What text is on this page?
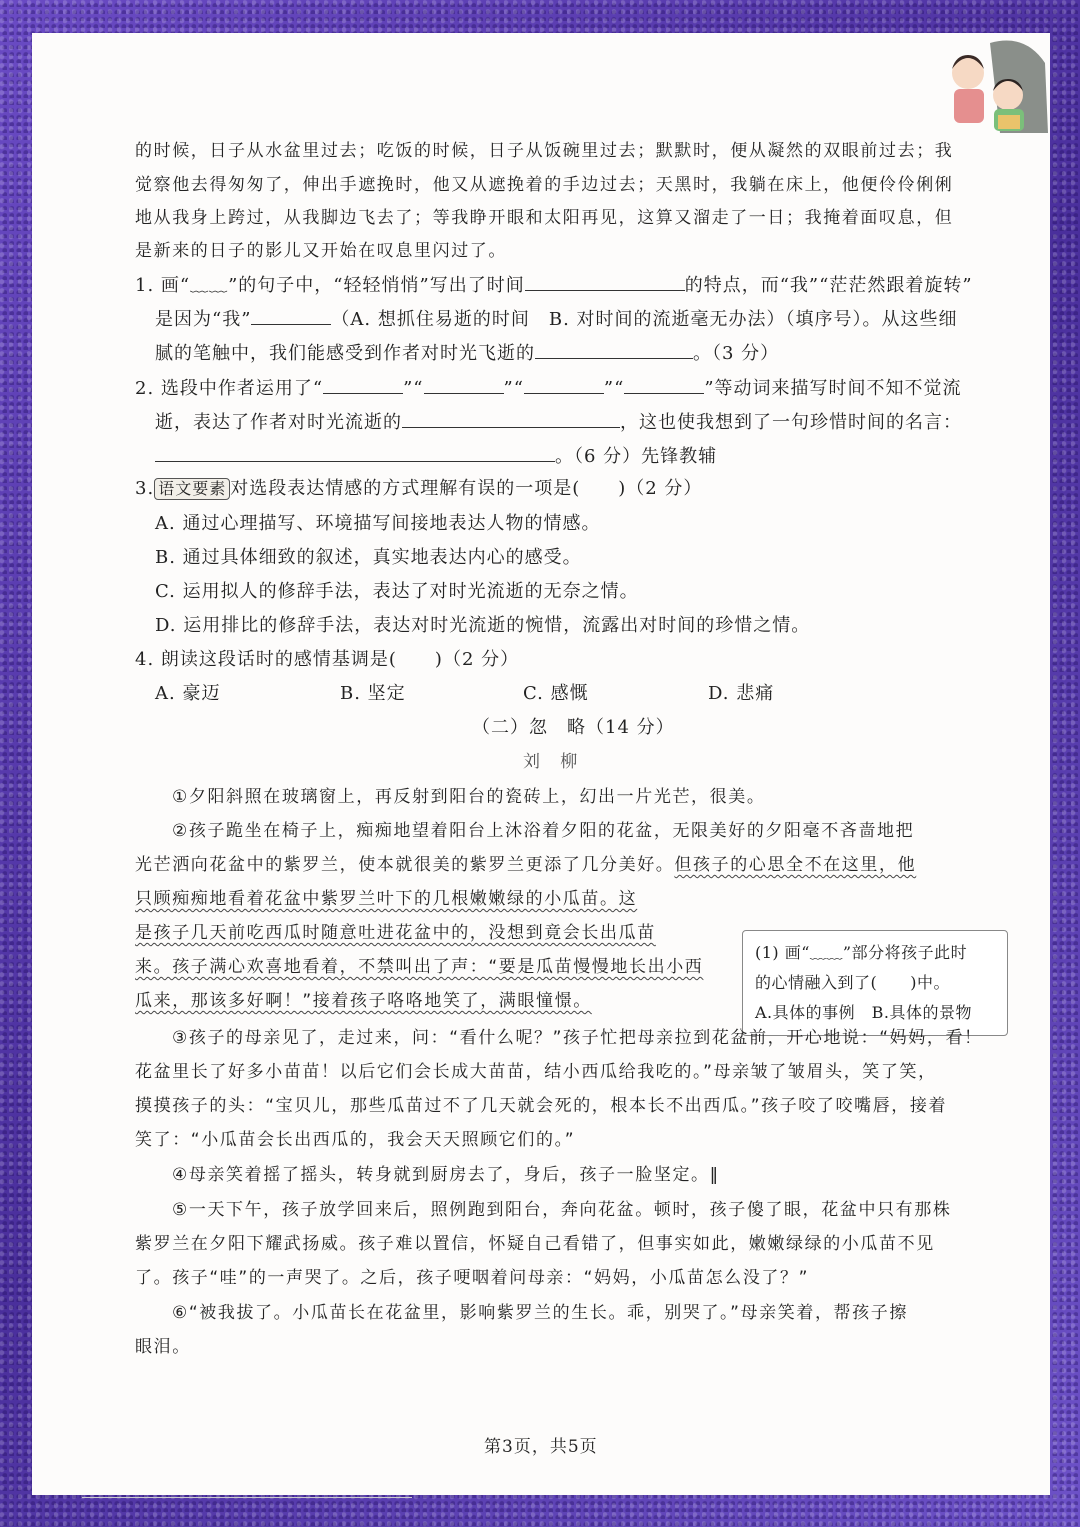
的时候，日子从水盆里过去；吃饭的时候，日子从饭碗里过去；默默时，便从凝然的双眼前过去；我
觉察他去得匆匆了，伸出手遮挽时，他又从遮挽着的手边过去；天黑时，我躺在床上，他便伶伶俐俐
地从我身上跨过，从我脚边飞去了；等我睁开眼和太阳再见，这算又溜走了一日；我掩着面叹息，但
是新来的日子的影儿又开始在叹息里闪过了。
1. 画“﹏﹏”的句子中，“轻轻悄悄”写出了时间	的特点，而“我”“茫茫然跟着旋转”
是因为“我”	（A. 想抓住易逝的时间　B. 对时间的流逝毫无办法）（填序号）。从这些细
腻的笔触中，我们能感受到作者对时光飞逝的	。（3 分）
2. 选段中作者运用了“	”“	”“	”“	”等动词来描写时间不知不觉流
逝，表达了作者对时光流逝的	，这也使我想到了一句珍惜时间的名言：
。（6 分）先锋教辅
3. 语文要素 对选段表达情感的方式理解有误的一项是(　　)（2 分）
A. 通过心理描写、环境描写间接地表达人物的情感。
B. 通过具体细致的叙述，真实地表达内心的感受。
C. 运用拟人的修辞手法，表达了对时光流逝的无奈之情。
D. 运用排比的修辞手法，表达对时光流逝的惋惜，流露出对时间的珍惜之情。
4. 朗读这段话时的感情基调是(　　)（2 分）
A. 豪迈	B. 坚定	C. 感慨	D. 悲痛
（二）忽　略（14 分）
刘　柳
①夕阳斜照在玻璃窗上，再反射到阳台的瓷砖上，幻出一片光芒，很美。
②孩子跪坐在椅子上，痴痴地望着阳台上沐浴着夕阳的花盆，无限美好的夕阳毫不吝啬地把
光芒洒向花盆中的紫罗兰，使本就很美的紫罗兰更添了几分美好。但孩子的心思全不在这里，他
只顾痴痴地看着花盆中紫罗兰叶下的几根嫩嫩绿的小瓜苗。这
是孩子几天前吃西瓜时随意吐进花盆中的，没想到竟会长出瓜苗
来。孩子满心欢喜地看着，不禁叫出了声：“要是瓜苗慢慢地长出小西
瓜来，那该多好啊！”接着孩子咯咯地笑了，满眼憧憬。
(1) 画“﹏﹏”部分将孩子此时
的心情融入到了(　　)中。
A.具体的事例　B.具体的景物
③孩子的母亲见了，走过来，问：“看什么呢？”孩子忙把母亲拉到花盆前，开心地说：“妈妈，看！
花盆里长了好多小苗苗！以后它们会长成大苗苗，结小西瓜给我吃的。”母亲皱了皱眉头，笑了笑，
摸摸孩子的头：“宝贝儿，那些瓜苗过不了几天就会死的，根本长不出西瓜。”孩子咬了咬嘴唇，接着
笑了：“小瓜苗会长出西瓜的，我会天天照顾它们的。”
④母亲笑着摇了摇头，转身就到厨房去了，身后，孩子一脸坚定。‖
⑤一天下午，孩子放学回来后，照例跑到阳台，奔向花盆。顿时，孩子傻了眼，花盆中只有那株
紫罗兰在夕阳下耀武扬威。孩子难以置信，怀疑自己看错了，但事实如此，嫩嫩绿绿的小瓜苗不见
了。孩子“哇”的一声哭了。之后，孩子哽咽着问母亲：“妈妈，小瓜苗怎么没了？”
⑥“被我拔了。小瓜苗长在花盆里，影响紫罗兰的生长。乖，别哭了。”母亲笑着，帮孩子擦
眼泪。
第3页，共5页
